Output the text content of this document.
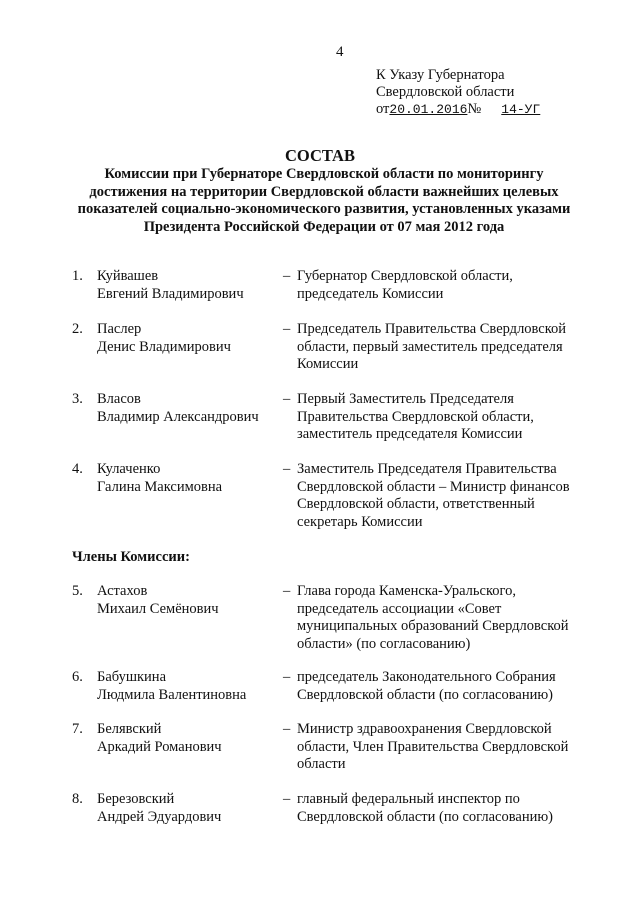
4
К Указу Губернатора
Свердловской области
от20.01.2016№ 14-УГ
СОСТАВ
Комиссии при Губернаторе Свердловской области по мониторингу
достижения на территории Свердловской области важнейших целевых
показателей социально-экономического развития, установленных указами
Президента Российской Федерации от 07 мая 2012 года
1. Куйвашев
Евгений Владимирович
– Губернатор Свердловской области,
председатель Комиссии
2. Паслер
Денис Владимирович
– Председатель Правительства Свердловской
области, первый заместитель председателя
Комиссии
3. Власов
Владимир Александрович
– Первый Заместитель Председателя
Правительства Свердловской области,
заместитель председателя Комиссии
4. Кулаченко
Галина Максимовна
– Заместитель Председателя Правительства
Свердловской области – Министр финансов
Свердловской области, ответственный
секретарь Комиссии
Члены Комиссии:
5. Астахов
Михаил Семёнович
– Глава города Каменска-Уральского,
председатель ассоциации «Совет
муниципальных образований Свердловской
области» (по согласованию)
6. Бабушкина
Людмила Валентиновна
– председатель Законодательного Собрания
Свердловской области (по согласованию)
7. Белявский
Аркадий Романович
– Министр здравоохранения Свердловской
области, Член Правительства Свердловской
области
8. Березовский
Андрей Эдуардович
– главный федеральный инспектор по
Свердловской области (по согласованию)
